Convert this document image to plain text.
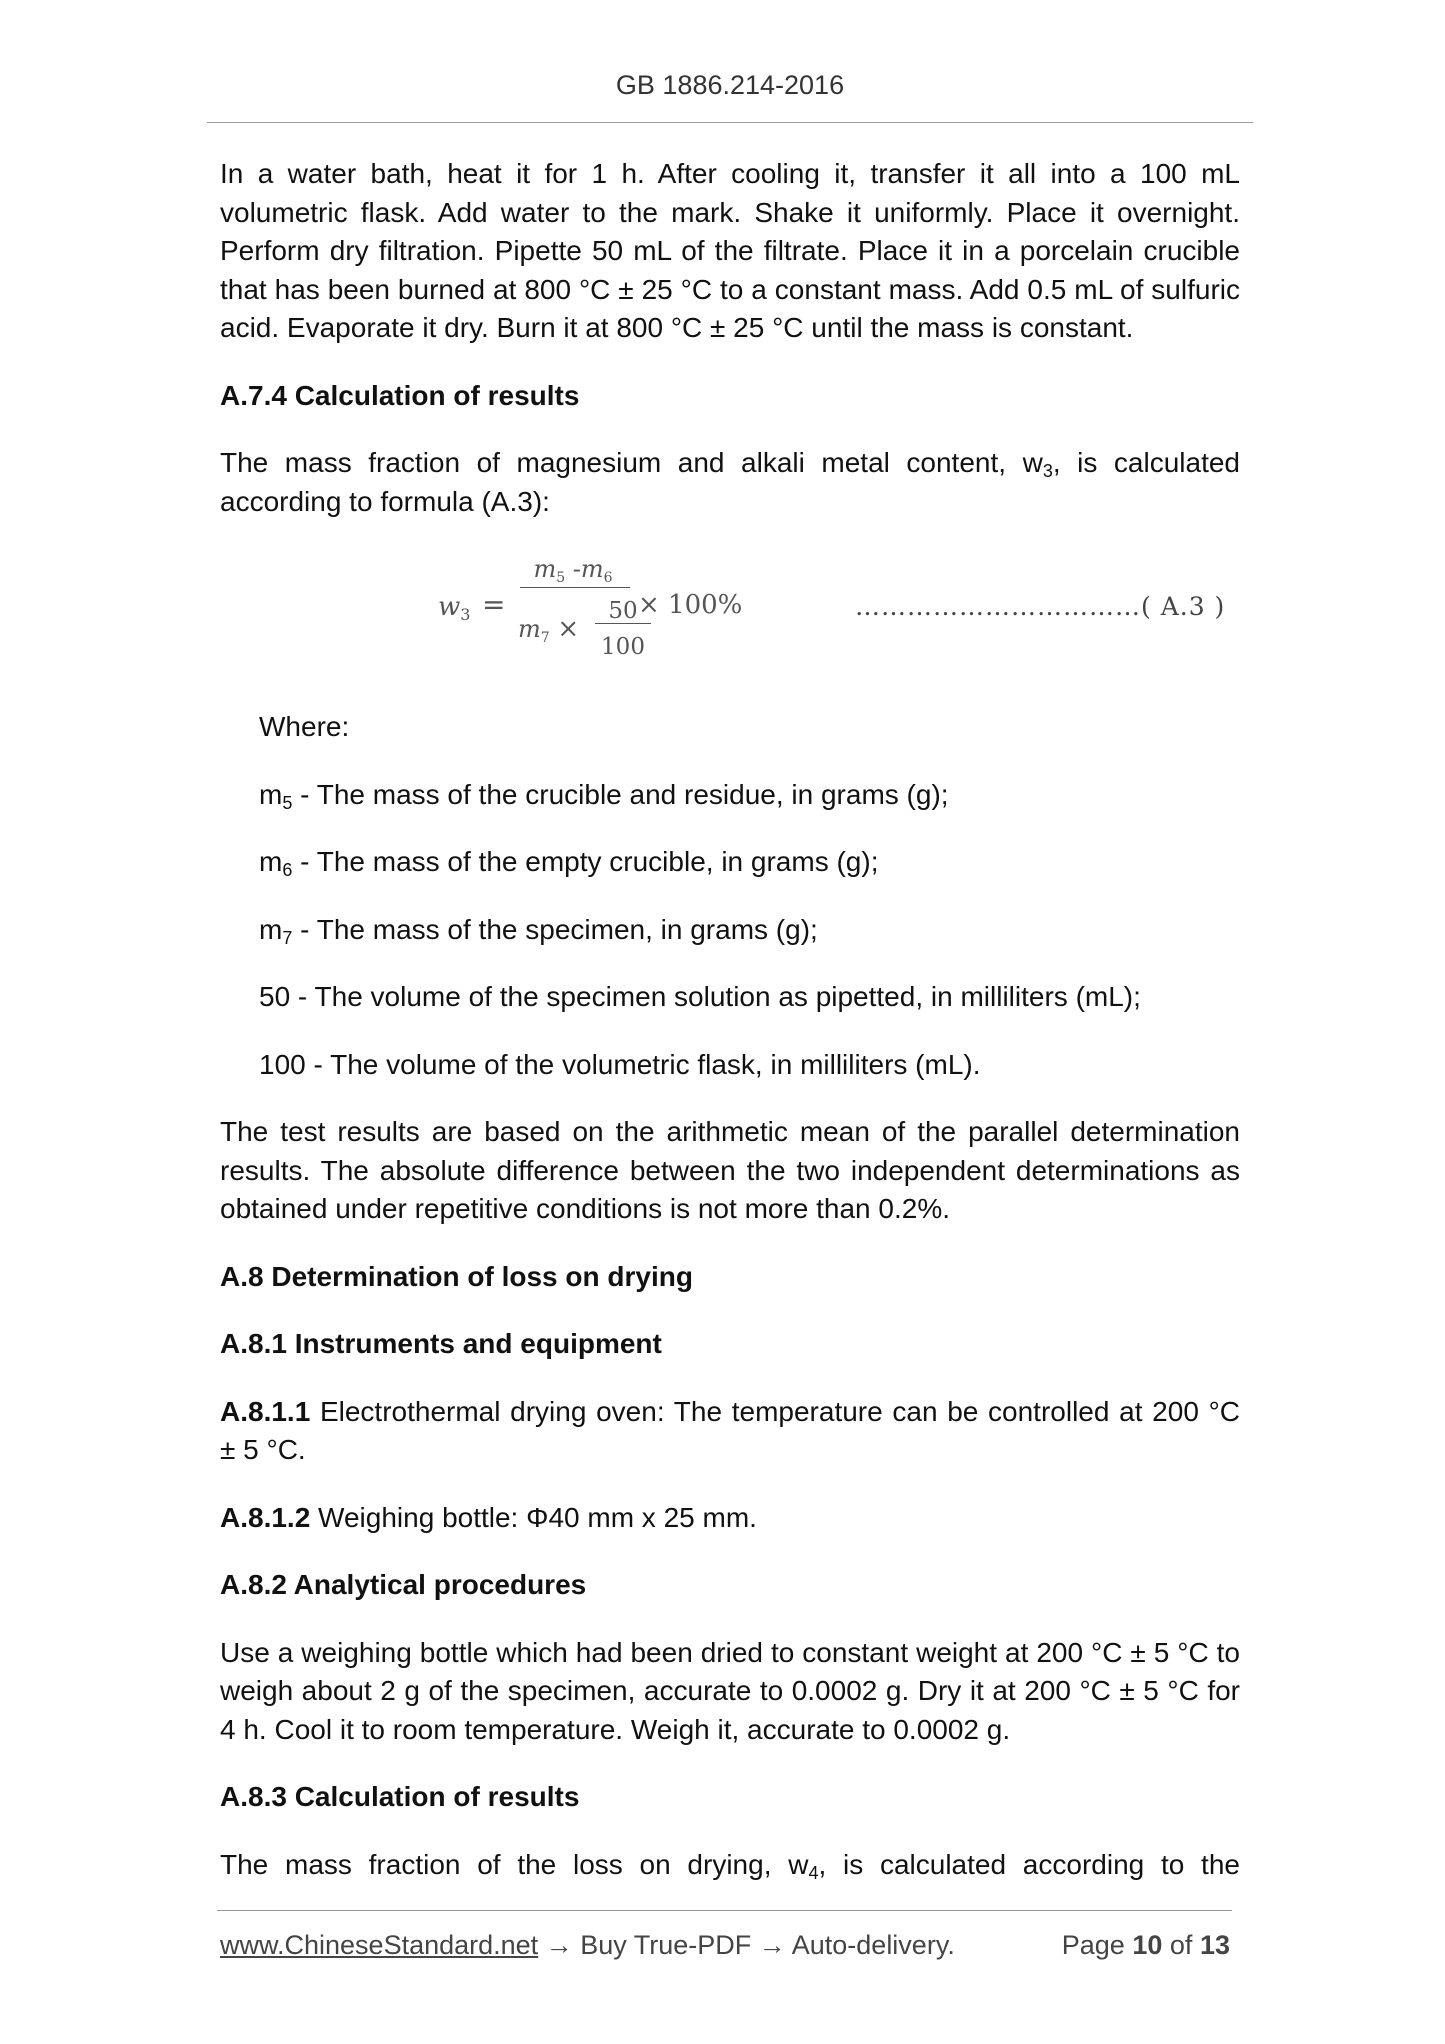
GB 1886.214-2016

In a water bath, heat it for 1 h. After cooling it, transfer it all into a 100 mL volumetric flask. Add water to the mark. Shake it uniformly. Place it overnight. Perform dry filtration. Pipette 50 mL of the filtrate. Place it in a porcelain crucible that has been burned at 800 °C ± 25 °C to a constant mass. Add 0.5 mL of sulfuric acid. Evaporate it dry. Burn it at 800 °C ± 25 °C until the mass is constant.

A.7.4 Calculation of results

The mass fraction of magnesium and alkali metal content, $w_3$, is calculated according to formula (A.3):

$w_3$ =
$m_5$ $-m_6$
$m_7$ ×
50
100
× 100%	……………………………( A.3 )

Where:

$m_5$ - The mass of the crucible and residue, in grams (g);

$m_6$ - The mass of the empty crucible, in grams (g);

$m_7$ - The mass of the specimen, in grams (g);

50 - The volume of the specimen solution as pipetted, in milliliters (mL);

100 - The volume of the volumetric flask, in milliliters (mL).

The test results are based on the arithmetic mean of the parallel determination results. The absolute difference between the two independent determinations as obtained under repetitive conditions is not more than 0.2%.

A.8 Determination of loss on drying

A.8.1 Instruments and equipment

A.8.1.1 Electrothermal drying oven: The temperature can be controlled at 200 °C ± 5 °C.

A.8.1.2 Weighing bottle: Φ40 mm x 25 mm.

A.8.2 Analytical procedures

Use a weighing bottle which had been dried to constant weight at 200 °C ± 5 °C to weigh about 2 g of the specimen, accurate to 0.0002 g. Dry it at 200 °C ± 5 °C for 4 h. Cool it to room temperature. Weigh it, accurate to 0.0002 g.

A.8.3 Calculation of results

The mass fraction of the loss on drying, $w_4$, is calculated according to the

www.ChineseStandard.net → Buy True-PDF → Auto-delivery.	Page 10 of 13
